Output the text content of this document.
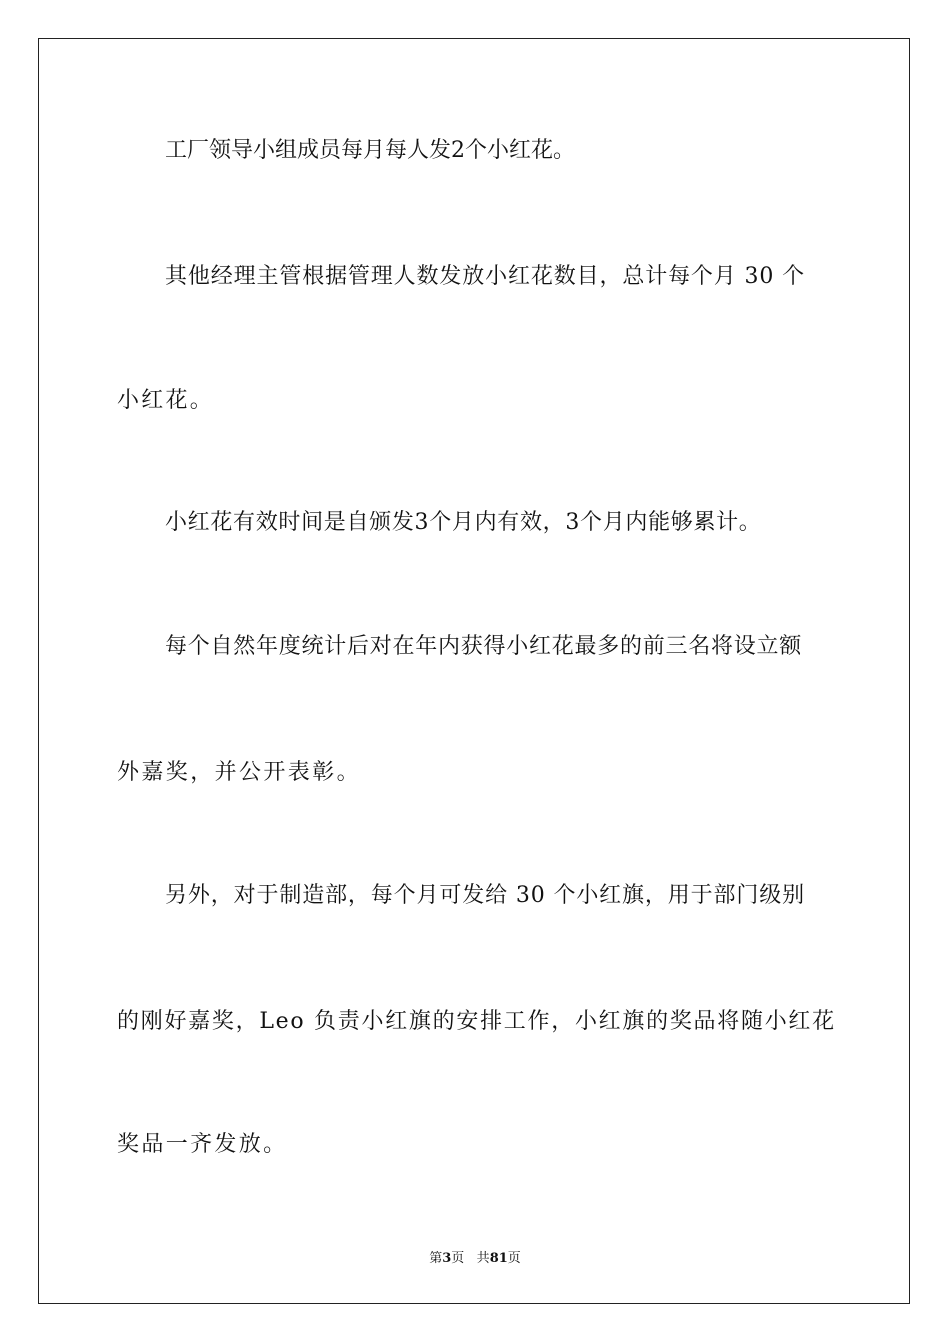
工厂领导小组成员每月每人发2个小红花。
其他经理主管根据管理人数发放小红花数目，总计每个月 30 个
小红花。
小红花有效时间是自颁发3个月内有效，3个月内能够累计。
每个自然年度统计后对在年内获得小红花最多的前三名将设立额
外嘉奖，并公开表彰。
另外，对于制造部，每个月可发给 30 个小红旗，用于部门级别
的刚好嘉奖，Leo 负责小红旗的安排工作，小红旗的奖品将随小红花
奖品一齐发放。
第3页 共81页
